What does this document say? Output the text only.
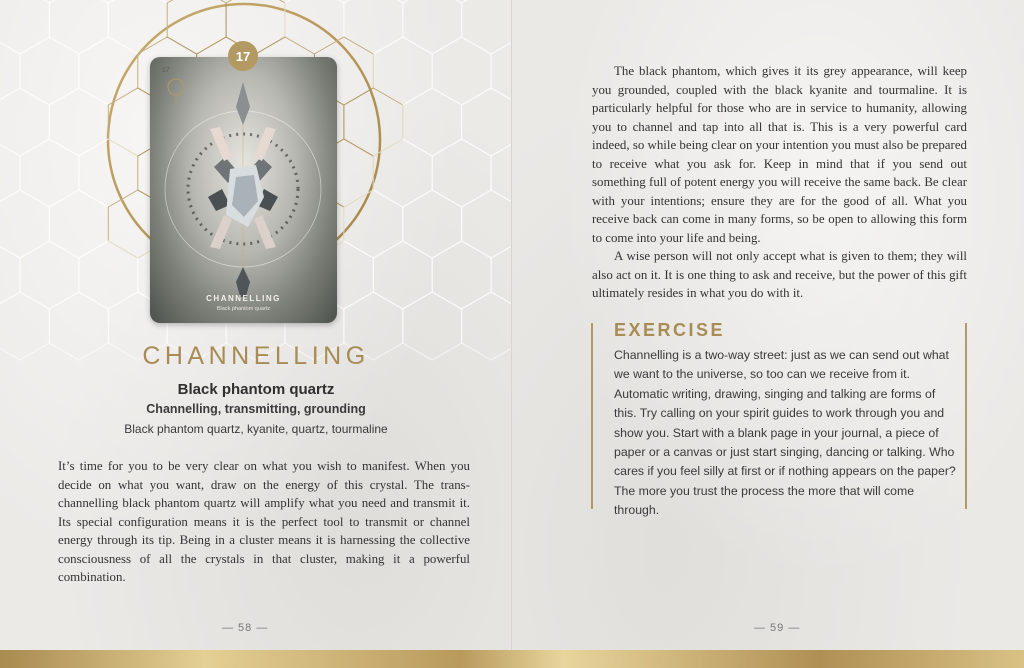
17
CHANNELLING
Black phantom quartz
17
CHANNELLING
Black phantom quartz
Channelling, transmitting, grounding
Black phantom quartz, kyanite, quartz, tourmaline
It’s time for you to be very clear on what you wish to manifest. When you decide on what you want, draw on the energy of this crystal. The trans-channelling black phantom quartz will amplify what you need and transmit it. Its special configuration means it is the perfect tool to transmit or channel energy through its tip. Being in a cluster means it is harnessing the collective consciousness of all the crystals in that cluster, making it a powerful combination.
— 58 —

The black phantom, which gives it its grey appearance, will keep you grounded, coupled with the black kyanite and tourmaline. It is particularly helpful for those who are in service to humanity, allowing you to channel and tap into all that is. This is a very powerful card indeed, so while being clear on your intention you must also be prepared to receive what you ask for. Keep in mind that if you send out something full of potent energy you will receive the same back. Be clear with your intentions; ensure they are for the good of all. What you receive back can come in many forms, so be open to allowing this form to come into your life and being.

A wise person will not only accept what is given to them; they will also act on it. It is one thing to ask and receive, but the power of this gift ultimately resides in what you do with it.

EXERCISE
Channelling is a two-way street: just as we can send out what we want to the universe, so too can we receive from it. Automatic writing, drawing, singing and talking are forms of this. Try calling on your spirit guides to work through you and show you. Start with a blank page in your journal, a piece of paper or a canvas or just start singing, dancing or talking. Who cares if you feel silly at first or if nothing appears on the paper? The more you trust the process the more that will come through.
— 59 —
